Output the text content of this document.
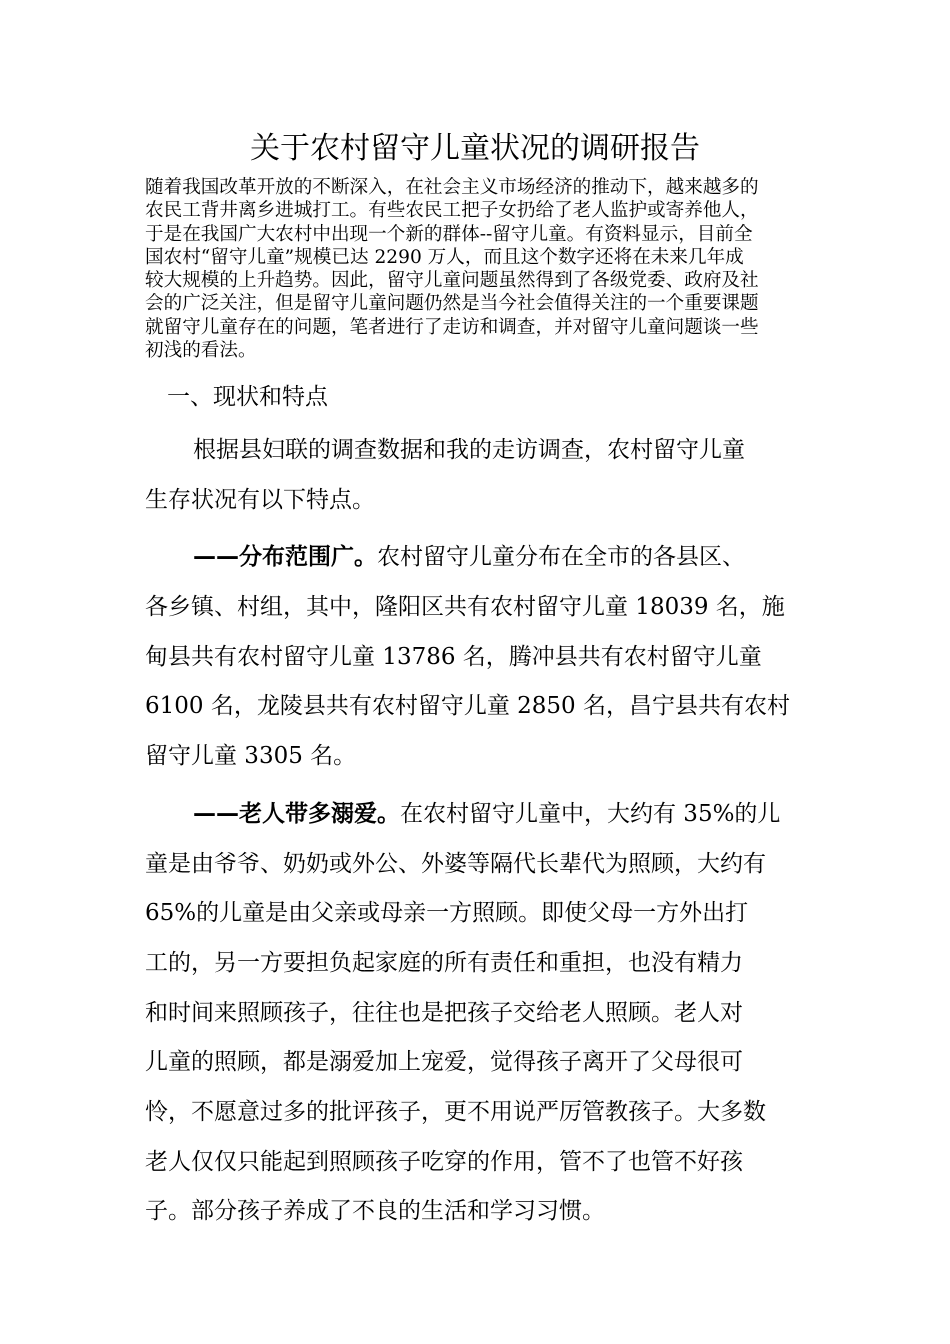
关于农村留守儿童状况的调研报告
随着我国改革开放的不断深入，在社会主义市场经济的推动下，越来越多的
农民工背井离乡进城打工。有些农民工把子女扔给了老人监护或寄养他人，
于是在我国广大农村中出现一个新的群体--留守儿童。有资料显示，目前全
国农村“留守儿童”规模已达 2290 万人，而且这个数字还将在未来几年成
较大规模的上升趋势。因此，留守儿童问题虽然得到了各级党委、政府及社
会的广泛关注，但是留守儿童问题仍然是当今社会值得关注的一个重要课题
就留守儿童存在的问题，笔者进行了走访和调查，并对留守儿童问题谈一些
初浅的看法。
一、现状和特点
根据县妇联的调查数据和我的走访调查，农村留守儿童
生存状况有以下特点。
——分布范围广。农村留守儿童分布在全市的各县区、
各乡镇、村组，其中，隆阳区共有农村留守儿童 18039 名，施
甸县共有农村留守儿童 13786 名，腾冲县共有农村留守儿童
6100 名，龙陵县共有农村留守儿童 2850 名，昌宁县共有农村
留守儿童 3305 名。
——老人带多溺爱。在农村留守儿童中，大约有 35%的儿
童是由爷爷、奶奶或外公、外婆等隔代长辈代为照顾，大约有
65%的儿童是由父亲或母亲一方照顾。即使父母一方外出打
工的，另一方要担负起家庭的所有责任和重担，也没有精力
和时间来照顾孩子，往往也是把孩子交给老人照顾。老人对
儿童的照顾，都是溺爱加上宠爱，觉得孩子离开了父母很可
怜，不愿意过多的批评孩子，更不用说严厉管教孩子。大多数
老人仅仅只能起到照顾孩子吃穿的作用，管不了也管不好孩
子。部分孩子养成了不良的生活和学习习惯。
